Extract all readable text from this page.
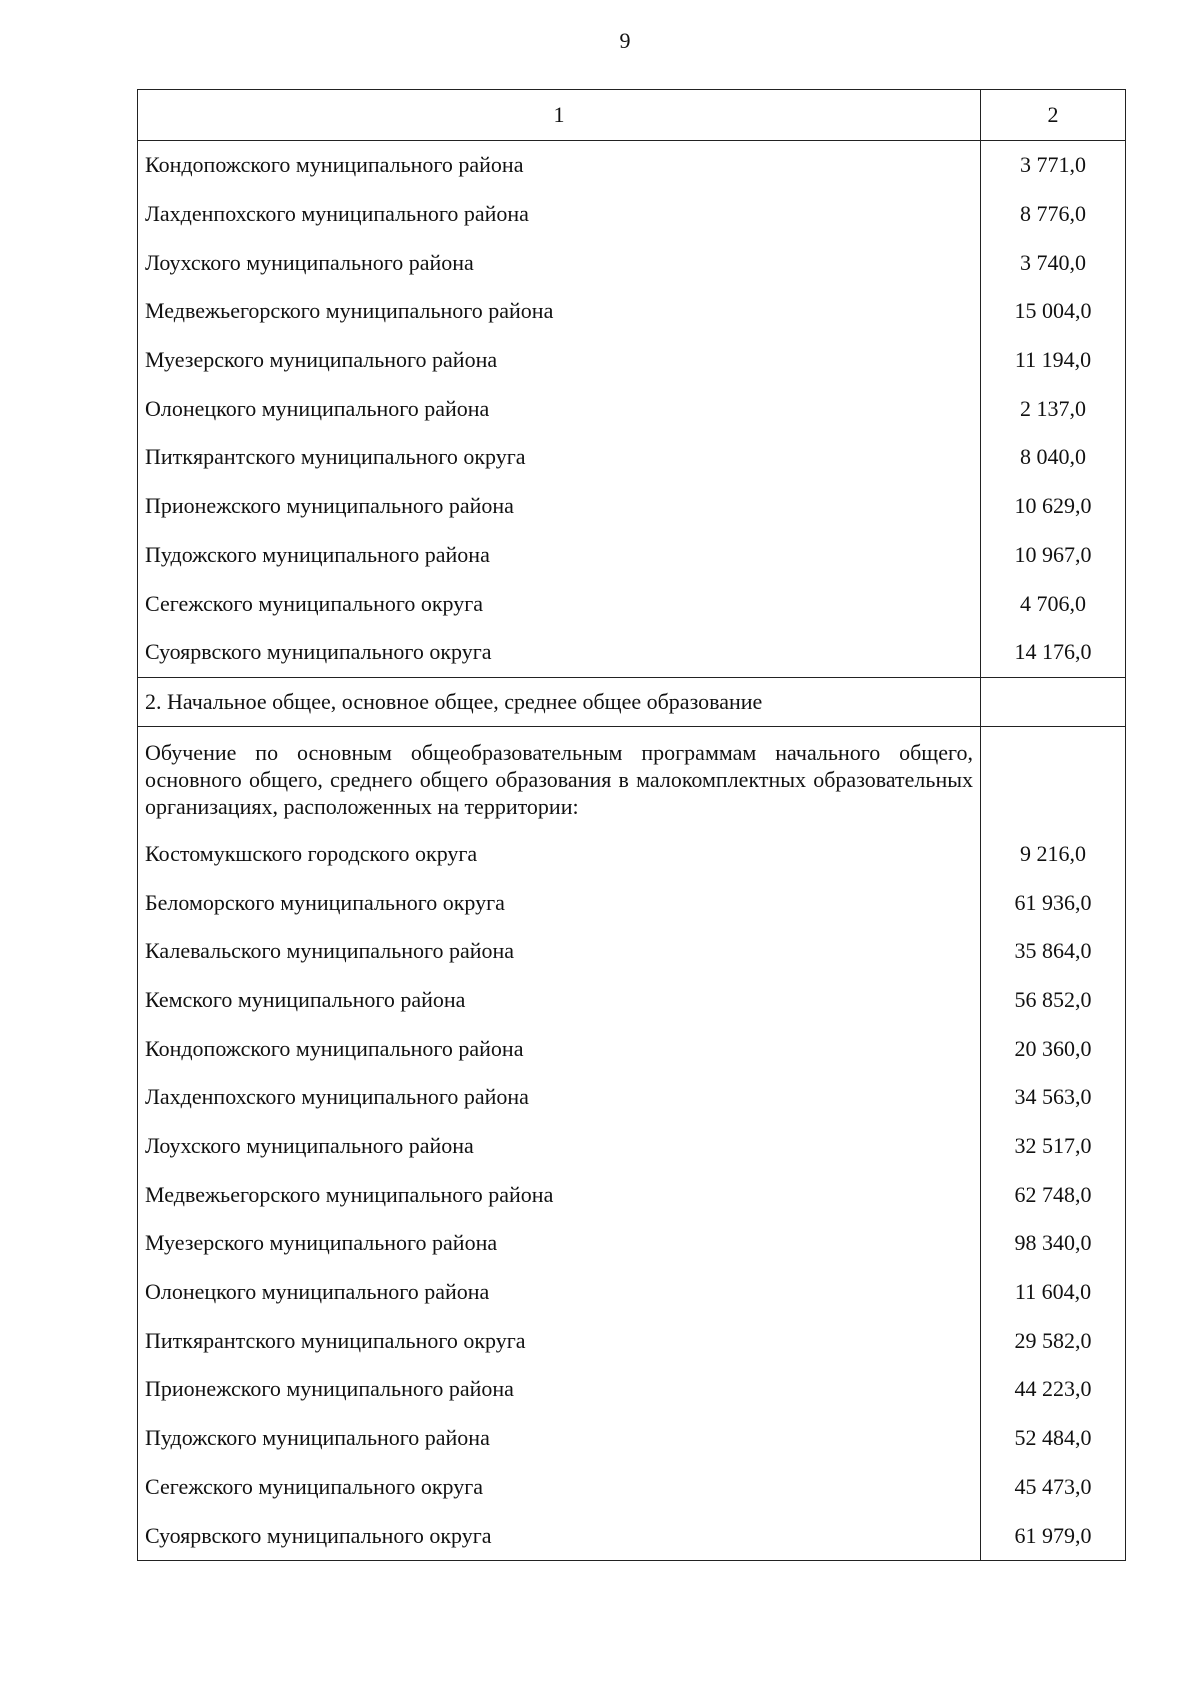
9
1	2
Кондопожского муниципального района	3 771,0
Лахденпохского муниципального района	8 776,0
Лоухского муниципального района	3 740,0
Медвежьегорского муниципального района	15 004,0
Муезерского муниципального района	11 194,0
Олонецкого муниципального района	2 137,0
Питкярантского муниципального округа	8 040,0
Прионежского муниципального района	10 629,0
Пудожского муниципального района	10 967,0
Сегежского муниципального округа	4 706,0
Суоярвского муниципального округа	14 176,0
2. Начальное общее, основное общее, среднее общее образование	
Обучение по основным общеобразовательным программам начального общего, основного общего, среднего общего образования в малокомплектных образовательных организациях, расположенных на территории:	
Костомукшского городского округа	9 216,0
Беломорского муниципального округа	61 936,0
Калевальского муниципального района	35 864,0
Кемского муниципального района	56 852,0
Кондопожского муниципального района	20 360,0
Лахденпохского муниципального района	34 563,0
Лоухского муниципального района	32 517,0
Медвежьегорского муниципального района	62 748,0
Муезерского муниципального района	98 340,0
Олонецкого муниципального района	11 604,0
Питкярантского муниципального округа	29 582,0
Прионежского муниципального района	44 223,0
Пудожского муниципального района	52 484,0
Сегежского муниципального округа	45 473,0
Суоярвского муниципального округа	61 979,0
